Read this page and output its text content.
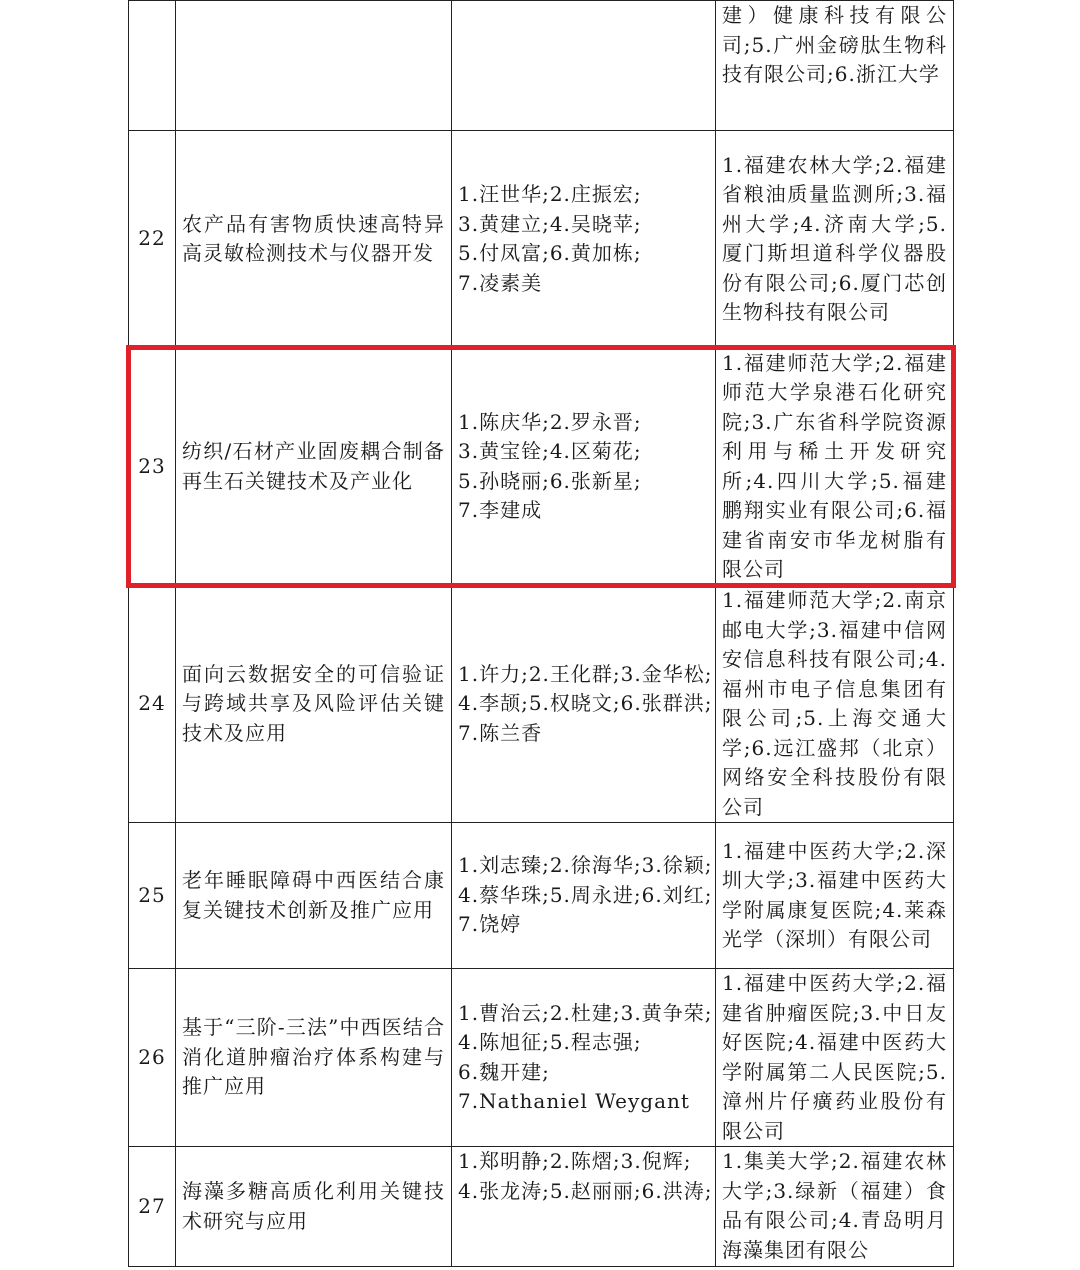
			建）健康科技有限公司;5.广州金磅肽生物科技有限公司;6.浙江大学
22	农产品有害物质快速高特异高灵敏检测技术与仪器开发	1.汪世华;2.庄振宏;
3.黄建立;4.吴晓苹;
5.付凤富;6.黄加栋;
7.凌素美	1.福建农林大学;2.福建省粮油质量监测所;3.福州大学;4.济南大学;5.厦门斯坦道科学仪器股份有限公司;6.厦门芯创生物科技有限公司
23	纺织/石材产业固废耦合制备再生石关键技术及产业化	1.陈庆华;2.罗永晋;
3.黄宝铨;4.区菊花;
5.孙晓丽;6.张新星;
7.李建成	1.福建师范大学;2.福建师范大学泉港石化研究院;3.广东省科学院资源利用与稀土开发研究所;4.四川大学;5.福建鹏翔实业有限公司;6.福建省南安市华龙树脂有限公司
24	面向云数据安全的可信验证与跨域共享及风险评估关键技术及应用	1.许力;2.王化群;3.金华松;
4.李颉;5.权晓文;6.张群洪;
7.陈兰香	1.福建师范大学;2.南京邮电大学;3.福建中信网安信息科技有限公司;4.福州市电子信息集团有限公司;5.上海交通大学;6.远江盛邦（北京）网络安全科技股份有限公司
25	老年睡眠障碍中西医结合康复关键技术创新及推广应用	1.刘志臻;2.徐海华;3.徐颖;
4.蔡华珠;5.周永进;6.刘红;
7.饶婷	1.福建中医药大学;2.深圳大学;3.福建中医药大学附属康复医院;4.莱森光学（深圳）有限公司
26	基于“三阶-三法”中西医结合消化道肿瘤治疗体系构建与推广应用	1.曹治云;2.杜建;3.黄争荣;
4.陈旭征;5.程志强;
6.魏开建;
7.Nathaniel Weygant	1.福建中医药大学;2.福建省肿瘤医院;3.中日友好医院;4.福建中医药大学附属第二人民医院;5.漳州片仔癀药业股份有限公司
27	海藻多糖高质化利用关键技术研究与应用	1.郑明静;2.陈熠;3.倪辉;
4.张龙涛;5.赵丽丽;6.洪涛;	1.集美大学;2.福建农林大学;3.绿新（福建）食品有限公司;4.青岛明月海藻集团有限公
